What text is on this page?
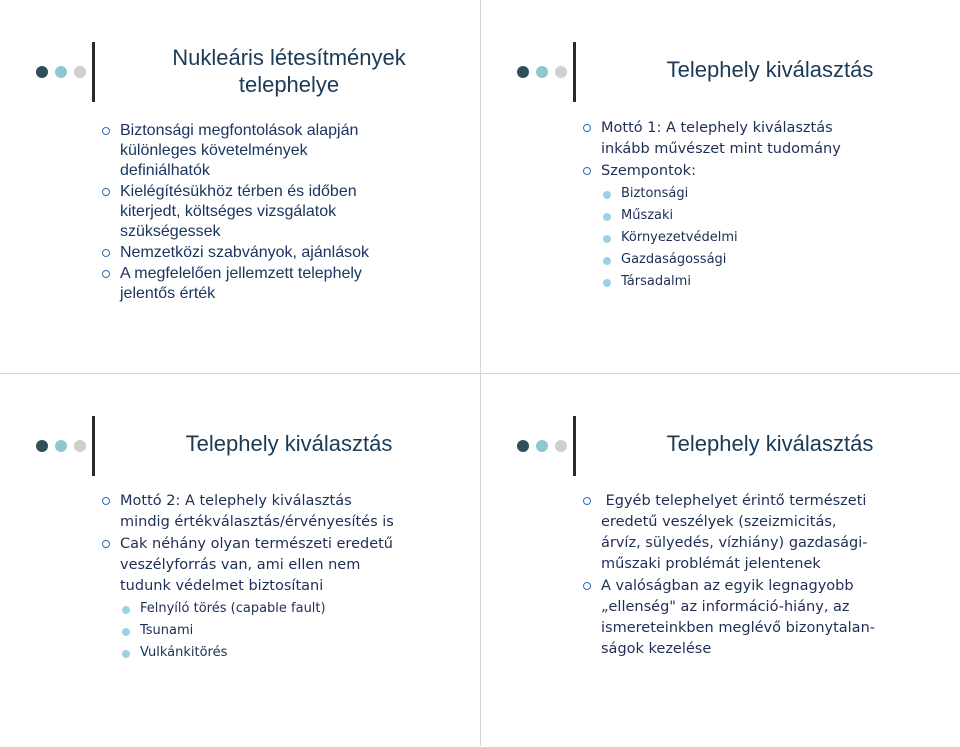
Nukleáris létesítmények
telephelye
Biztonsági megfontolások alapján
különleges követelmények
definiálhatók
Kielégítésükhöz térben és időben
kiterjedt, költséges vizsgálatok
szükségessek
Nemzetközi szabványok, ajánlások
A megfelelően jellemzett telephely
jelentős érték
Telephely kiválasztás
Mottó 1: A telephely kiválasztás
inkább művészet mint tudomány
Szempontok:
Biztonsági
Műszaki
Környezetvédelmi
Gazdaságossági
Társadalmi
Telephely kiválasztás
Mottó 2: A telephely kiválasztás
mindig értékválasztás/érvényesítés is
Cak néhány olyan természeti eredetű
veszélyforrás van, ami ellen nem
tudunk védelmet biztosítani
Felnyíló törés (capable fault)
Tsunami
Vulkánkitörés
Telephely kiválasztás
Egyéb telephelyet érintő természeti
eredetű veszélyek (szeizmicitás,
árvíz, sülyedés, vízhiány) gazdasági-
műszaki problémát jelentenek
A valóságban az egyik legnagyobb
„ellenség" az információ-hiány, az
ismereteinkben meglévő bizonytalan-
ságok kezelése
